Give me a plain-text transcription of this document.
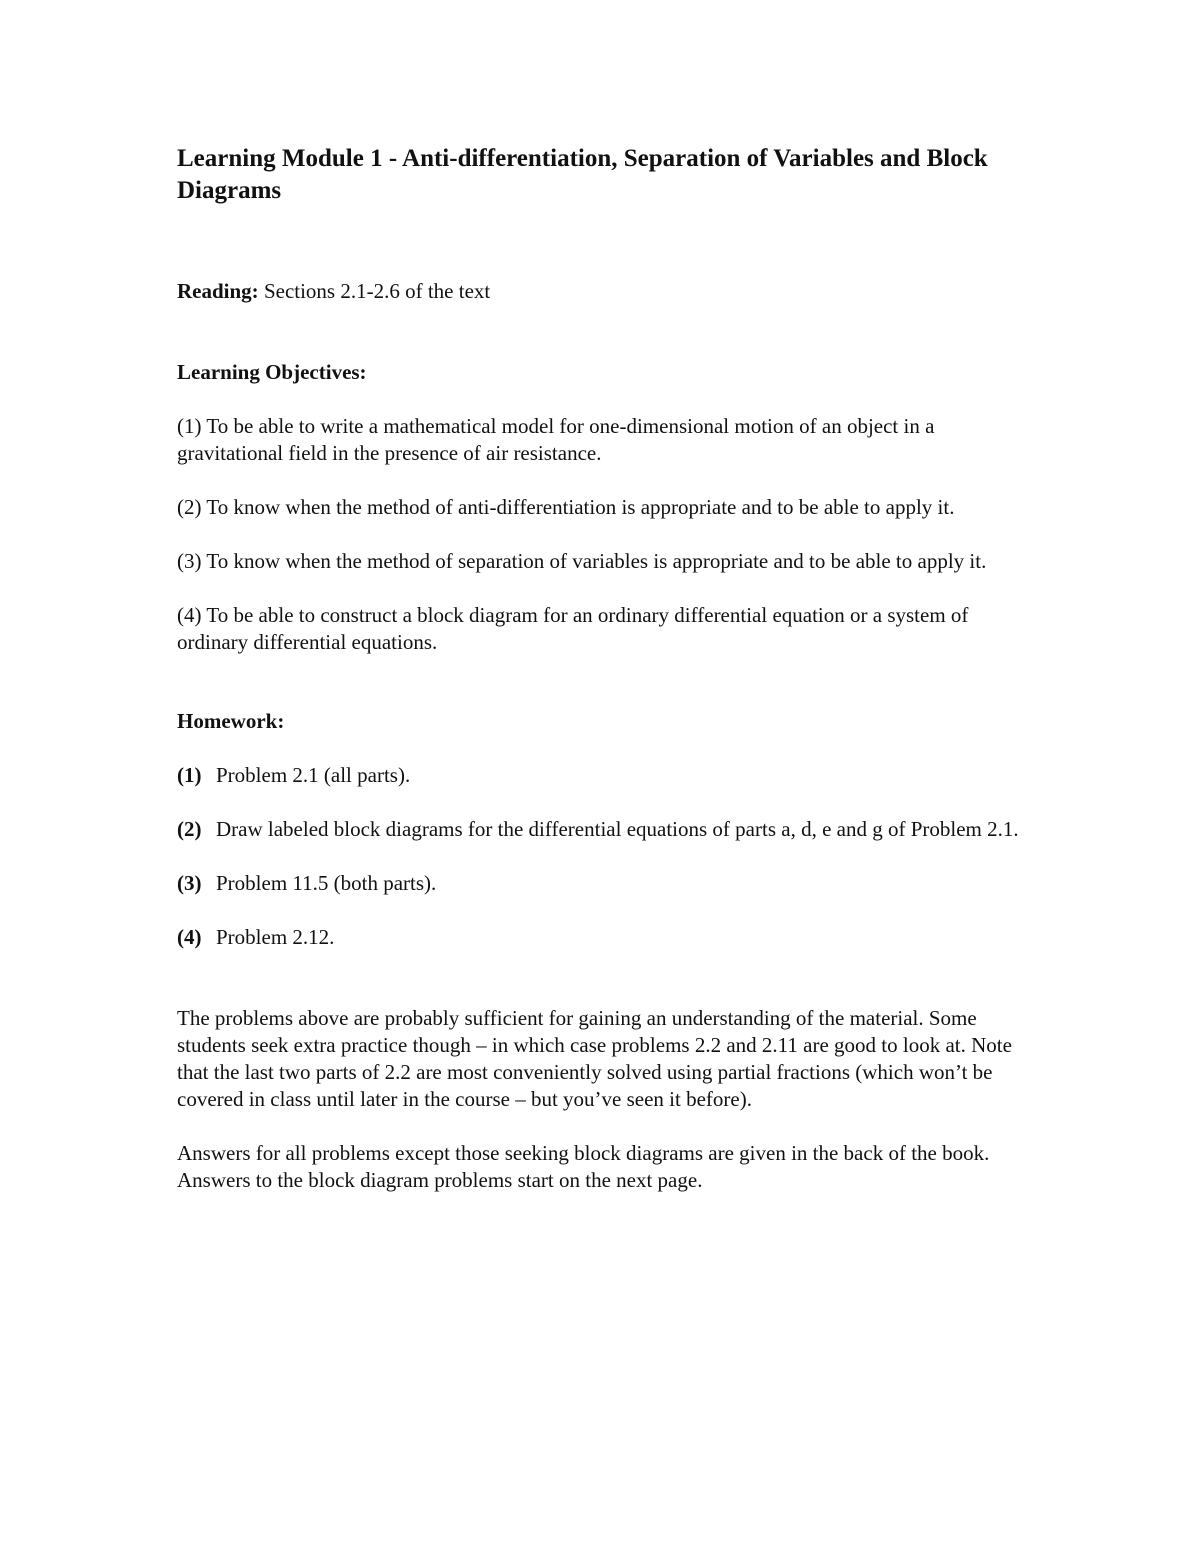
Learning Module 1 - Anti-differentiation, Separation of Variables and Block Diagrams
Reading: Sections 2.1-2.6 of the text
Learning Objectives:
(1) To be able to write a mathematical model for one-dimensional motion of an object in a gravitational field in the presence of air resistance.
(2) To know when the method of anti-differentiation is appropriate and to be able to apply it.
(3) To know when the method of separation of variables is appropriate and to be able to apply it.
(4) To be able to construct a block diagram for an ordinary differential equation or a system of ordinary differential equations.
Homework:
(1) Problem 2.1 (all parts).
(2) Draw labeled block diagrams for the differential equations of parts a, d, e and g of Problem 2.1.
(3) Problem 11.5 (both parts).
(4) Problem 2.12.
The problems above are probably sufficient for gaining an understanding of the material. Some students seek extra practice though – in which case problems 2.2 and 2.11 are good to look at. Note that the last two parts of 2.2 are most conveniently solved using partial fractions (which won’t be covered in class until later in the course – but you’ve seen it before).
Answers for all problems except those seeking block diagrams are given in the back of the book. Answers to the block diagram problems start on the next page.
